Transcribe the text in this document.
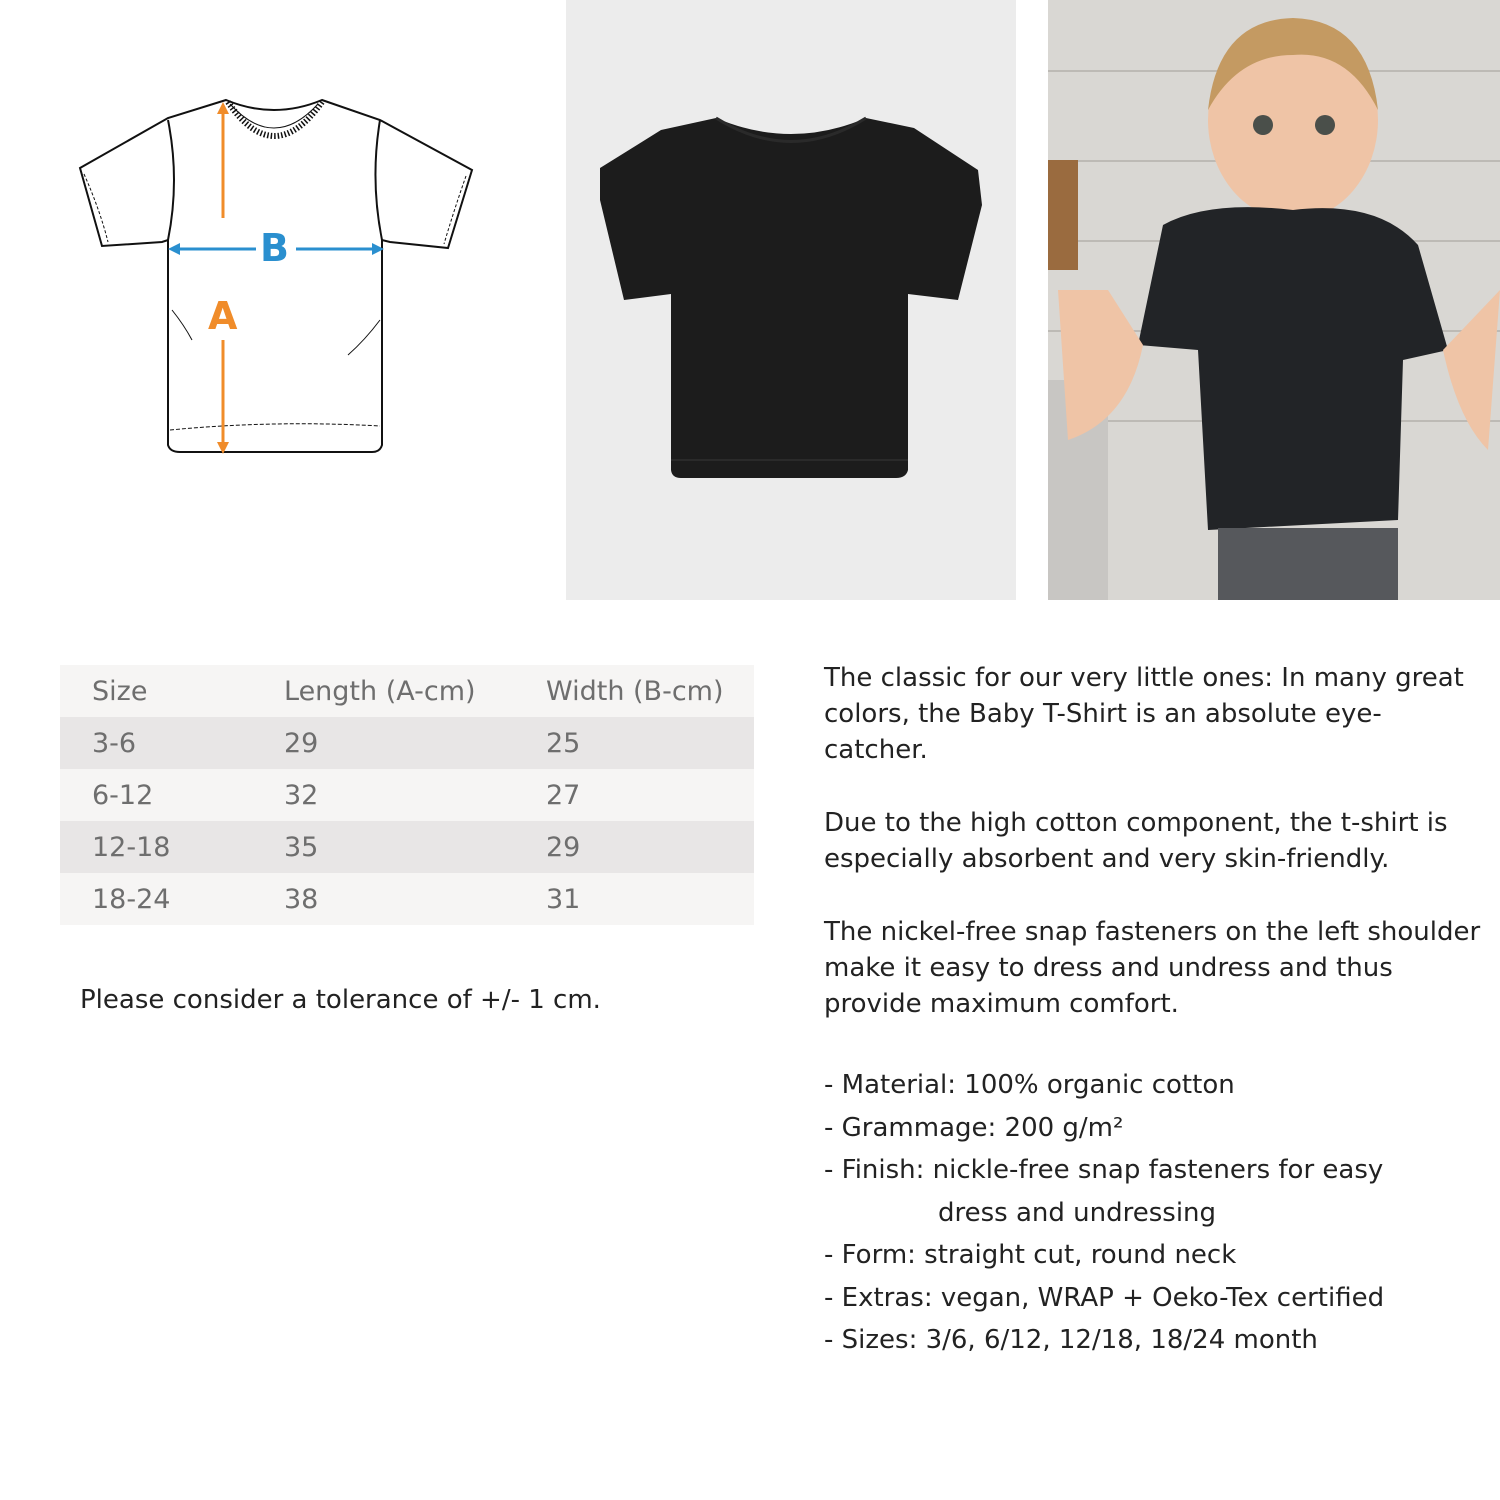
B
A
Size	Length (A-cm)	Width (B-cm)
3-6	29	25
6-12	32	27
12-18	35	29
18-24	38	31
Please consider a tolerance of +/- 1 cm.

The classic for our very little ones: In many great colors, the Baby T-Shirt is an absolute eye-catcher.

Due to the high cotton component, the t-shirt is especially absorbent and very skin-friendly.

The nickel-free snap fasteners on the left shoulder make it easy to dress and undress and thus provide maximum comfort.

- Material: 100% organic cotton
- Grammage: 200 g/m²
- Finish: nickle-free snap fasteners for easy
dress and undressing
- Form: straight cut, round neck
- Extras: vegan, WRAP + Oeko-Tex certified
- Sizes: 3/6, 6/12, 12/18, 18/24 month
